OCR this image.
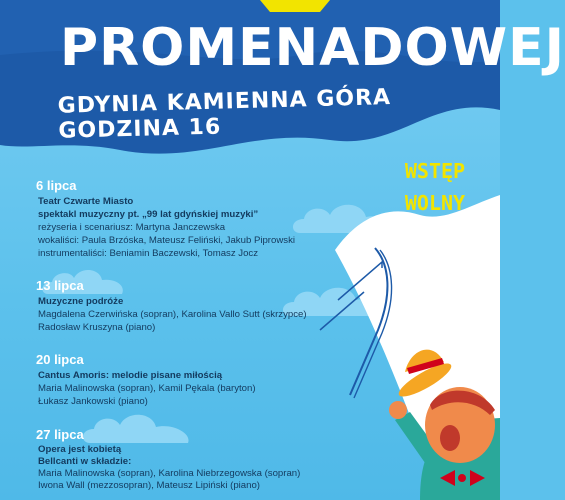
PROMENADOWEJ
GDYNIA KAMIENNA GÓRA GODZINA 16
WSTĘP
WOLNY
6 lipca
Teatr Czwarte Miasto
spektakl muzyczny pt. „99 lat gdyńskiej muzyki”
reżyseria i scenariusz: Martyna Janczewska
wokaliści: Paula Brzóska, Mateusz Feliński, Jakub Piprowski
instrumentaliści: Beniamin Baczewski, Tomasz Jocz
13 lipca
Muzyczne podróże
Magdalena Czerwińska (sopran), Karolina Vallo Sutt (skrzypce)
Radosław Kruszyna (piano)
20 lipca
Cantus Amoris: melodie pisane miłością
Maria Malinowska (sopran), Kamil Pękala (baryton)
Łukasz Jankowski (piano)
27 lipca
Opera jest kobietą
Bellcanti w składzie:
Maria Malinowska (sopran), Karolina Niebrzegowska (sopran)
Iwona Wall (mezzosopran), Mateusz Lipiński (piano)
